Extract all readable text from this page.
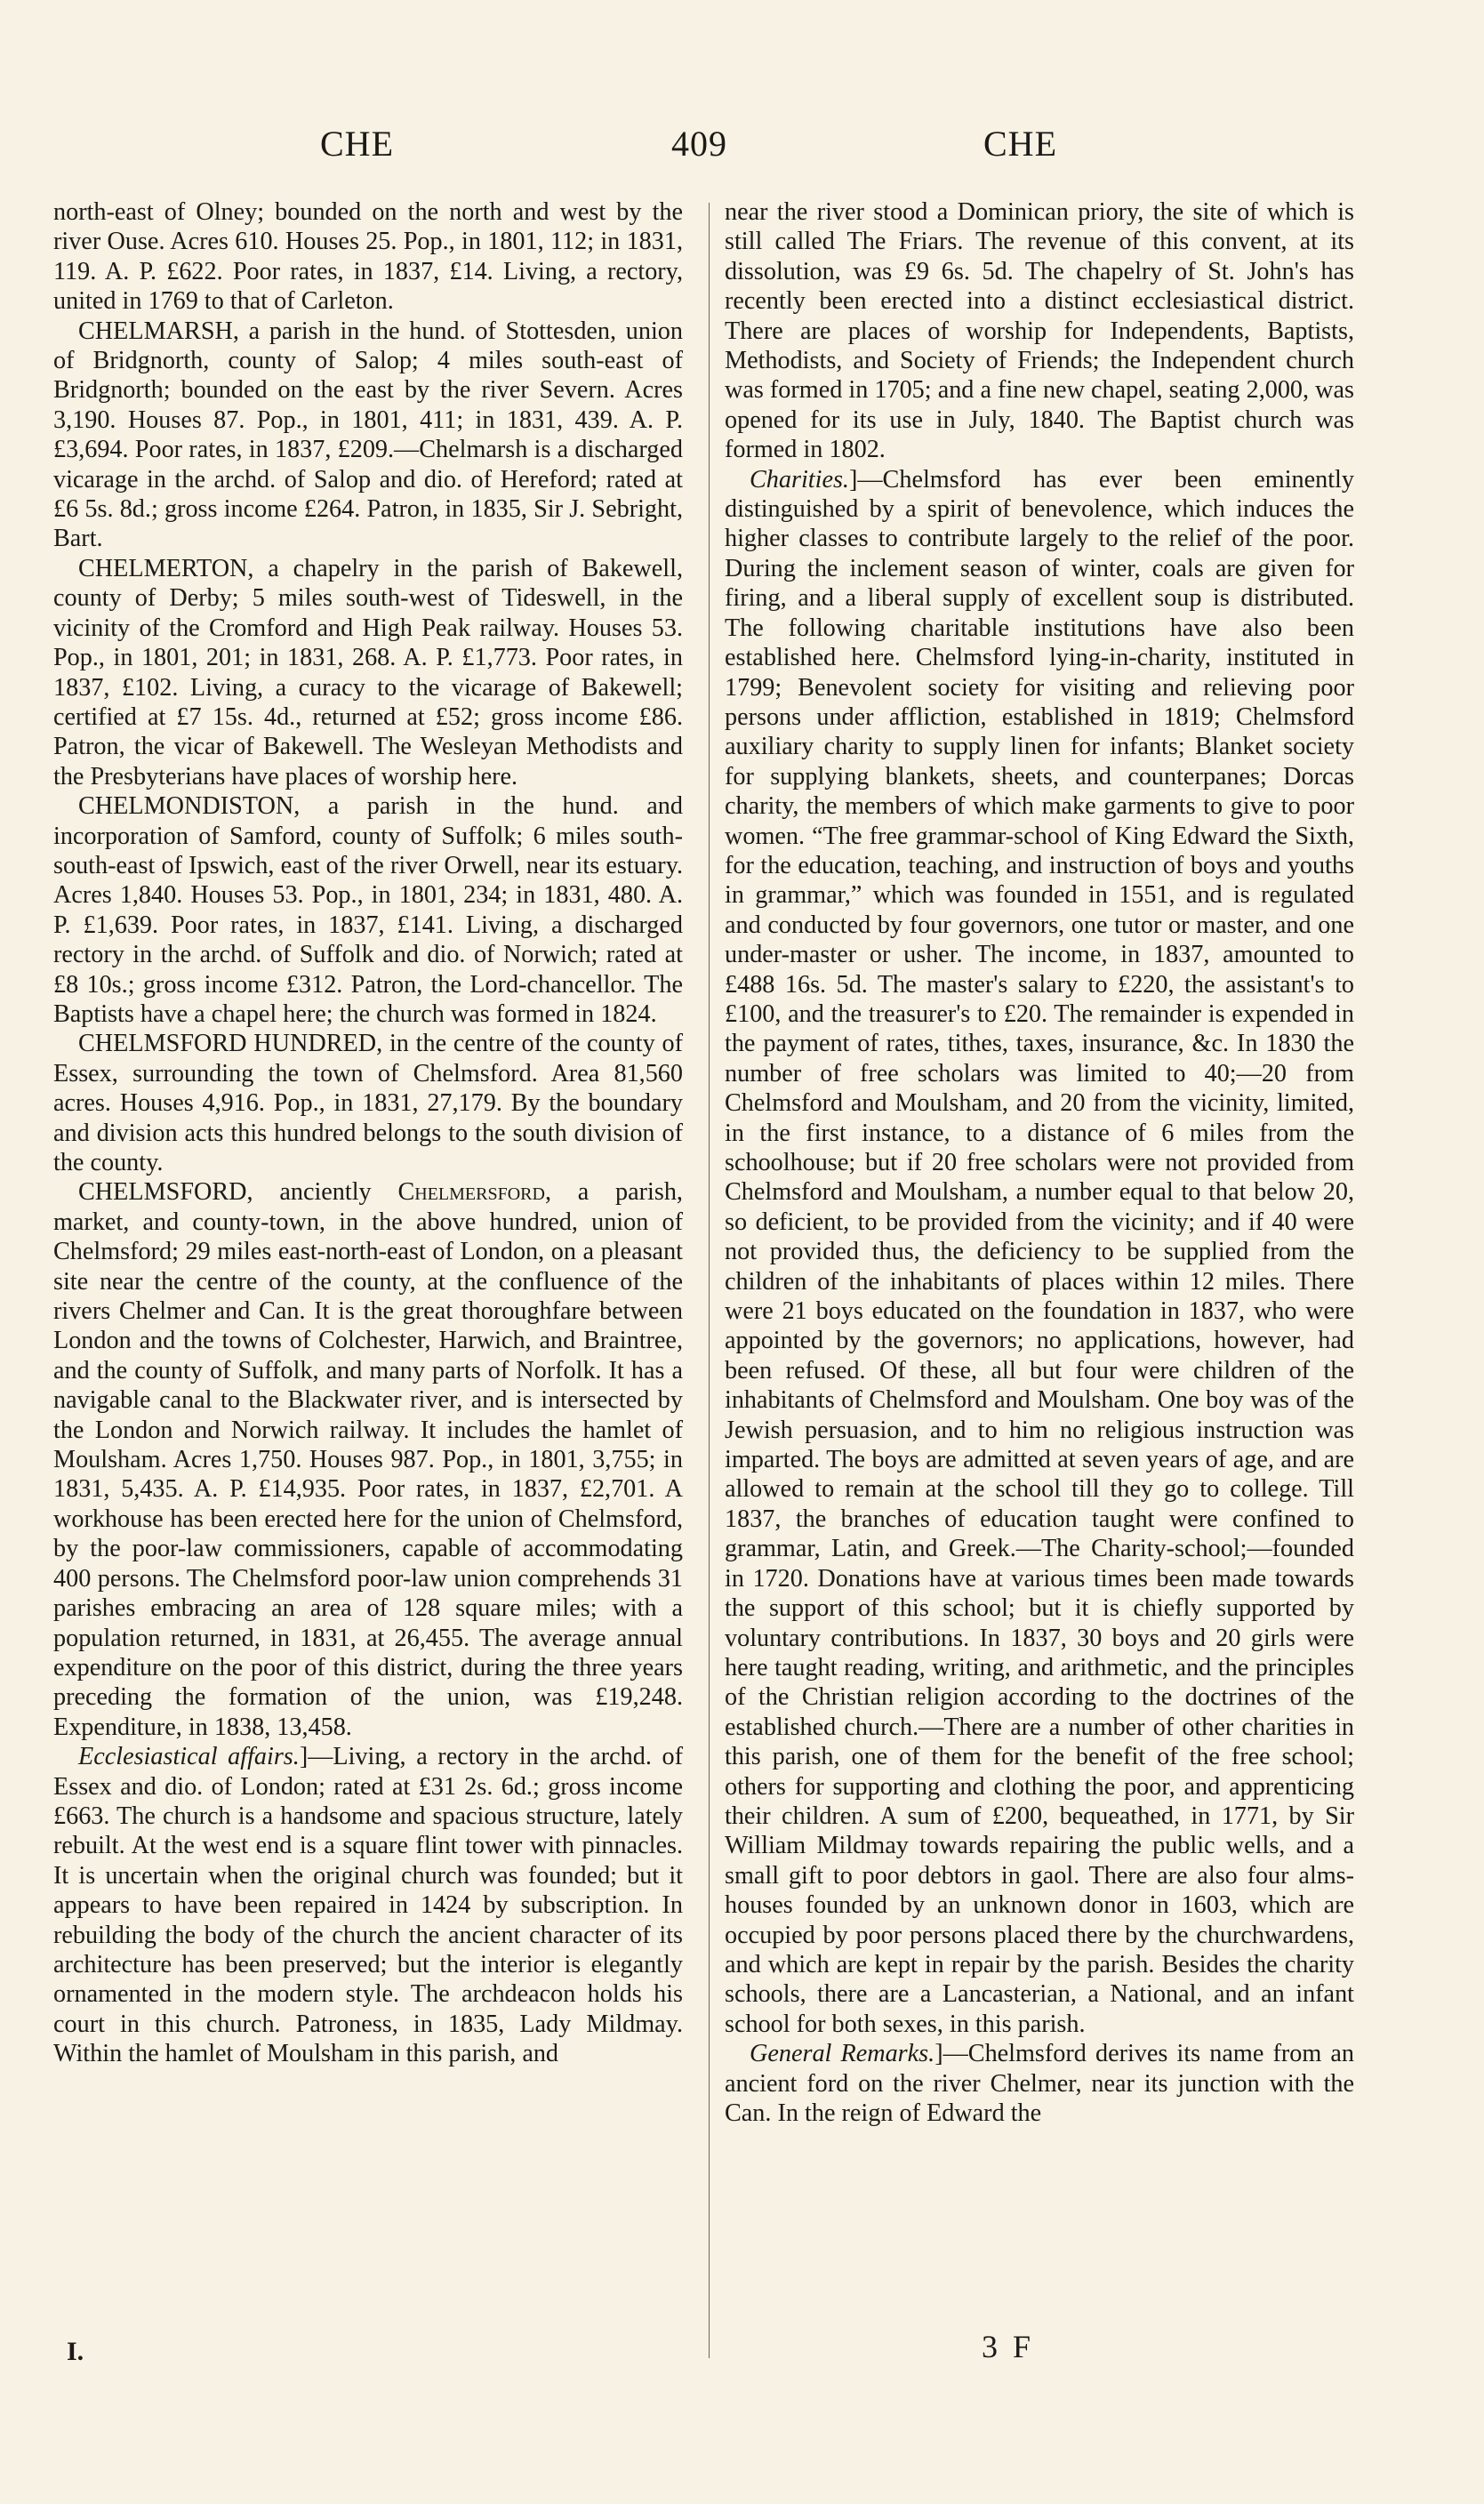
CHE	409	CHE

north-east of Olney; bounded on the north and west by the river Ouse. Acres 610. Houses 25. Pop., in 1801, 112; in 1831, 119. A. P. £622. Poor rates, in 1837, £14. Living, a rectory, united in 1769 to that of Carleton.

CHELMARSH, a parish in the hund. of Stottesden, union of Bridgnorth, county of Salop; 4 miles south-east of Bridgnorth; bounded on the east by the river Severn. Acres 3,190. Houses 87. Pop., in 1801, 411; in 1831, 439. A. P. £3,694. Poor rates, in 1837, £209.—Chelmarsh is a discharged vicarage in the archd. of Salop and dio. of Hereford; rated at £6 5s. 8d.; gross income £264. Patron, in 1835, Sir J. Sebright, Bart.

CHELMERTON, a chapelry in the parish of Bakewell, county of Derby; 5 miles south-west of Tideswell, in the vicinity of the Cromford and High Peak railway. Houses 53. Pop., in 1801, 201; in 1831, 268. A. P. £1,773. Poor rates, in 1837, £102. Living, a curacy to the vicarage of Bakewell; certified at £7 15s. 4d., returned at £52; gross income £86. Patron, the vicar of Bakewell. The Wesleyan Methodists and the Presbyterians have places of worship here.

CHELMONDISTON, a parish in the hund. and incorporation of Samford, county of Suffolk; 6 miles south-south-east of Ipswich, east of the river Orwell, near its estuary. Acres 1,840. Houses 53. Pop., in 1801, 234; in 1831, 480. A. P. £1,639. Poor rates, in 1837, £141. Living, a discharged rectory in the archd. of Suffolk and dio. of Norwich; rated at £8 10s.; gross income £312. Patron, the Lord-chancellor. The Baptists have a chapel here; the church was formed in 1824.

CHELMSFORD HUNDRED, in the centre of the county of Essex, surrounding the town of Chelmsford. Area 81,560 acres. Houses 4,916. Pop., in 1831, 27,179. By the boundary and division acts this hundred belongs to the south division of the county.

CHELMSFORD, anciently Chelmersford, a parish, market, and county-town, in the above hundred, union of Chelmsford; 29 miles east-north-east of London, on a pleasant site near the centre of the county, at the confluence of the rivers Chelmer and Can. It is the great thoroughfare between London and the towns of Colchester, Harwich, and Braintree, and the county of Suffolk, and many parts of Norfolk. It has a navigable canal to the Blackwater river, and is intersected by the London and Norwich railway. It includes the hamlet of Moulsham. Acres 1,750. Houses 987. Pop., in 1801, 3,755; in 1831, 5,435. A. P. £14,935. Poor rates, in 1837, £2,701. A workhouse has been erected here for the union of Chelmsford, by the poor-law commissioners, capable of accommodating 400 persons. The Chelmsford poor-law union comprehends 31 parishes embracing an area of 128 square miles; with a population returned, in 1831, at 26,455. The average annual expenditure on the poor of this district, during the three years preceding the formation of the union, was £19,248. Expenditure, in 1838, 13,458.

Ecclesiastical affairs.]—Living, a rectory in the archd. of Essex and dio. of London; rated at £31 2s. 6d.; gross income £663. The church is a handsome and spacious structure, lately rebuilt. At the west end is a square flint tower with pinnacles. It is uncertain when the original church was founded; but it appears to have been repaired in 1424 by subscription. In rebuilding the body of the church the ancient character of its architecture has been preserved; but the interior is elegantly ornamented in the modern style. The archdeacon holds his court in this church. Patroness, in 1835, Lady Mildmay. Within the hamlet of Moulsham in this parish, and

near the river stood a Dominican priory, the site of which is still called The Friars. The revenue of this convent, at its dissolution, was £9 6s. 5d. The chapelry of St. John's has recently been erected into a distinct ecclesiastical district. There are places of worship for Independents, Baptists, Methodists, and Society of Friends; the Independent church was formed in 1705; and a fine new chapel, seating 2,000, was opened for its use in July, 1840. The Baptist church was formed in 1802.

Charities.]—Chelmsford has ever been eminently distinguished by a spirit of benevolence, which induces the higher classes to contribute largely to the relief of the poor. During the inclement season of winter, coals are given for firing, and a liberal supply of excellent soup is distributed. The following charitable institutions have also been established here. Chelmsford lying-in-charity, instituted in 1799; Benevolent society for visiting and relieving poor persons under affliction, established in 1819; Chelmsford auxiliary charity to supply linen for infants; Blanket society for supplying blankets, sheets, and counterpanes; Dorcas charity, the members of which make garments to give to poor women. “The free grammar-school of King Edward the Sixth, for the education, teaching, and instruction of boys and youths in grammar,” which was founded in 1551, and is regulated and conducted by four governors, one tutor or master, and one under-master or usher. The income, in 1837, amounted to £488 16s. 5d. The master's salary to £220, the assistant's to £100, and the treasurer's to £20. The remainder is expended in the payment of rates, tithes, taxes, insurance, &c. In 1830 the number of free scholars was limited to 40;—20 from Chelmsford and Moulsham, and 20 from the vicinity, limited, in the first instance, to a distance of 6 miles from the schoolhouse; but if 20 free scholars were not provided from Chelmsford and Moulsham, a number equal to that below 20, so deficient, to be provided from the vicinity; and if 40 were not provided thus, the deficiency to be supplied from the children of the inhabitants of places within 12 miles. There were 21 boys educated on the foundation in 1837, who were appointed by the governors; no applications, however, had been refused. Of these, all but four were children of the inhabitants of Chelmsford and Moulsham. One boy was of the Jewish persuasion, and to him no religious instruction was imparted. The boys are admitted at seven years of age, and are allowed to remain at the school till they go to college. Till 1837, the branches of education taught were confined to grammar, Latin, and Greek.—The Charity-school;—founded in 1720. Donations have at various times been made towards the support of this school; but it is chiefly supported by voluntary contributions. In 1837, 30 boys and 20 girls were here taught reading, writing, and arithmetic, and the principles of the Christian religion according to the doctrines of the established church.—There are a number of other charities in this parish, one of them for the benefit of the free school; others for supporting and clothing the poor, and apprenticing their children. A sum of £200, bequeathed, in 1771, by Sir William Mildmay towards repairing the public wells, and a small gift to poor debtors in gaol. There are also four alms-houses founded by an unknown donor in 1603, which are occupied by poor persons placed there by the churchwardens, and which are kept in repair by the parish. Besides the charity schools, there are a Lancasterian, a National, and an infant school for both sexes, in this parish.

General Remarks.]—Chelmsford derives its name from an ancient ford on the river Chelmer, near its junction with the Can. In the reign of Edward the

I.	3 F
